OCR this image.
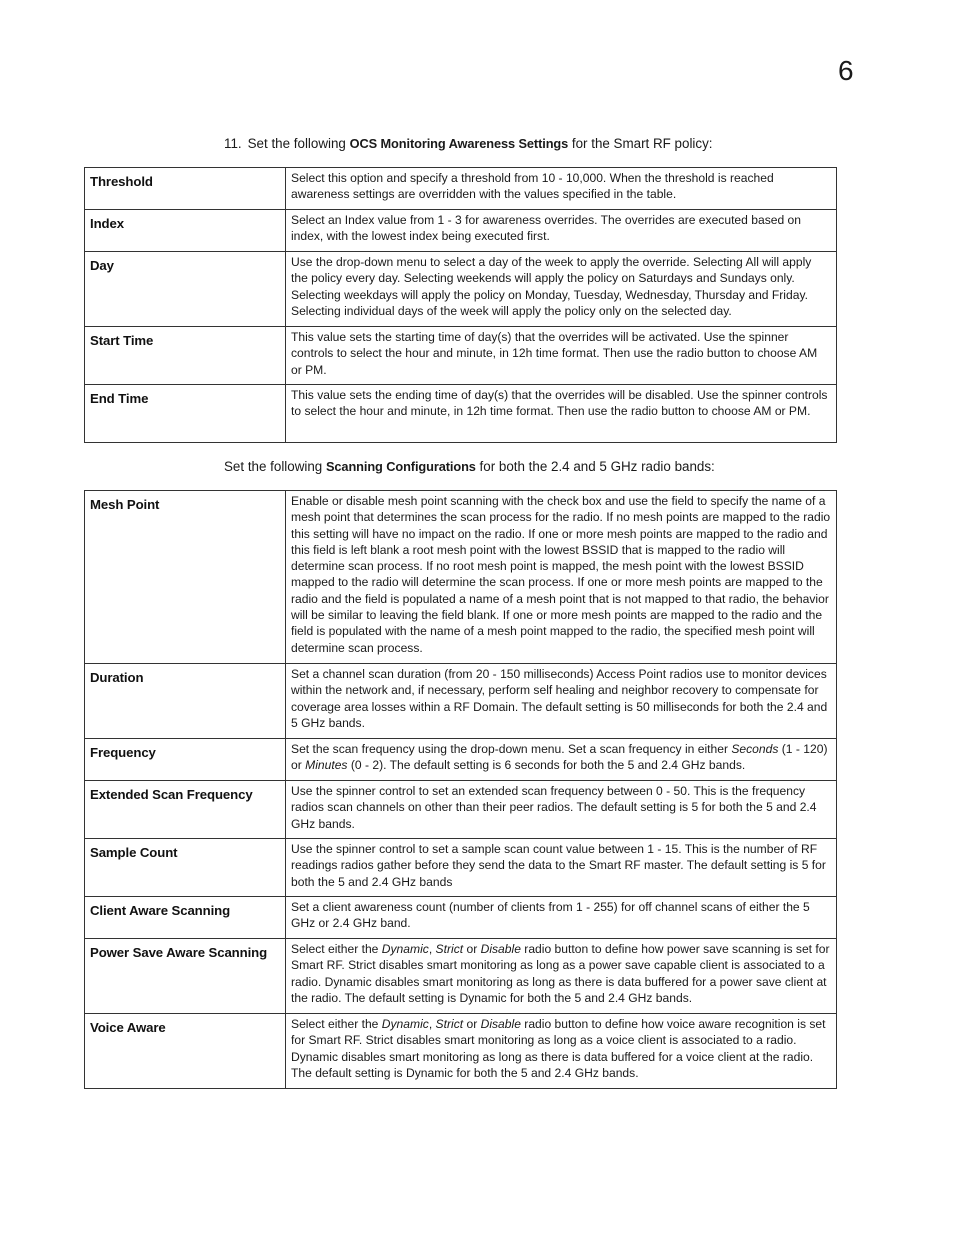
6
11. Set the following OCS Monitoring Awareness Settings for the Smart RF policy:
Threshold	Select this option and specify a threshold from 10 - 10,000. When the threshold is reached awareness settings are overridden with the values specified in the table.
Index	Select an Index value from 1 - 3 for awareness overrides. The overrides are executed based on index, with the lowest index being executed first.
Day	Use the drop-down menu to select a day of the week to apply the override. Selecting All will apply the policy every day. Selecting weekends will apply the policy on Saturdays and Sundays only. Selecting weekdays will apply the policy on Monday, Tuesday, Wednesday, Thursday and Friday. Selecting individual days of the week will apply the policy only on the selected day.
Start Time	This value sets the starting time of day(s) that the overrides will be activated. Use the spinner controls to select the hour and minute, in 12h time format. Then use the radio button to choose AM or PM.
End Time	This value sets the ending time of day(s) that the overrides will be disabled. Use the spinner controls to select the hour and minute, in 12h time format. Then use the radio button to choose AM or PM.
Set the following Scanning Configurations for both the 2.4 and 5 GHz radio bands:
Mesh Point	Enable or disable mesh point scanning with the check box and use the field to specify the name of a mesh point that determines the scan process for the radio. If no mesh points are mapped to the radio this setting will have no impact on the radio. If one or more mesh points are mapped to the radio and this field is left blank a root mesh point with the lowest BSSID that is mapped to the radio will determine scan process. If no root mesh point is mapped, the mesh point with the lowest BSSID mapped to the radio will determine the scan process. If one or more mesh points are mapped to the radio and the field is populated a name of a mesh point that is not mapped to that radio, the behavior will be similar to leaving the field blank. If one or more mesh points are mapped to the radio and the field is populated with the name of a mesh point mapped to the radio, the specified mesh point will determine scan process.
Duration	Set a channel scan duration (from 20 - 150 milliseconds) Access Point radios use to monitor devices within the network and, if necessary, perform self healing and neighbor recovery to compensate for coverage area losses within a RF Domain. The default setting is 50 milliseconds for both the 2.4 and 5 GHz bands.
Frequency	Set the scan frequency using the drop-down menu. Set a scan frequency in either Seconds (1 - 120) or Minutes (0 - 2). The default setting is 6 seconds for both the 5 and 2.4 GHz bands.
Extended Scan Frequency	Use the spinner control to set an extended scan frequency between 0 - 50. This is the frequency radios scan channels on other than their peer radios. The default setting is 5 for both the 5 and 2.4 GHz bands.
Sample Count	Use the spinner control to set a sample scan count value between 1 - 15. This is the number of RF readings radios gather before they send the data to the Smart RF master. The default setting is 5 for both the 5 and 2.4 GHz bands
Client Aware Scanning	Set a client awareness count (number of clients from 1 - 255) for off channel scans of either the 5 GHz or 2.4 GHz band.
Power Save Aware Scanning	Select either the Dynamic, Strict or Disable radio button to define how power save scanning is set for Smart RF. Strict disables smart monitoring as long as a power save capable client is associated to a radio. Dynamic disables smart monitoring as long as there is data buffered for a power save client at the radio. The default setting is Dynamic for both the 5 and 2.4 GHz bands.
Voice Aware	Select either the Dynamic, Strict or Disable radio button to define how voice aware recognition is set for Smart RF. Strict disables smart monitoring as long as a voice client is associated to a radio. Dynamic disables smart monitoring as long as there is data buffered for a voice client at the radio. The default setting is Dynamic for both the 5 and 2.4 GHz bands.
